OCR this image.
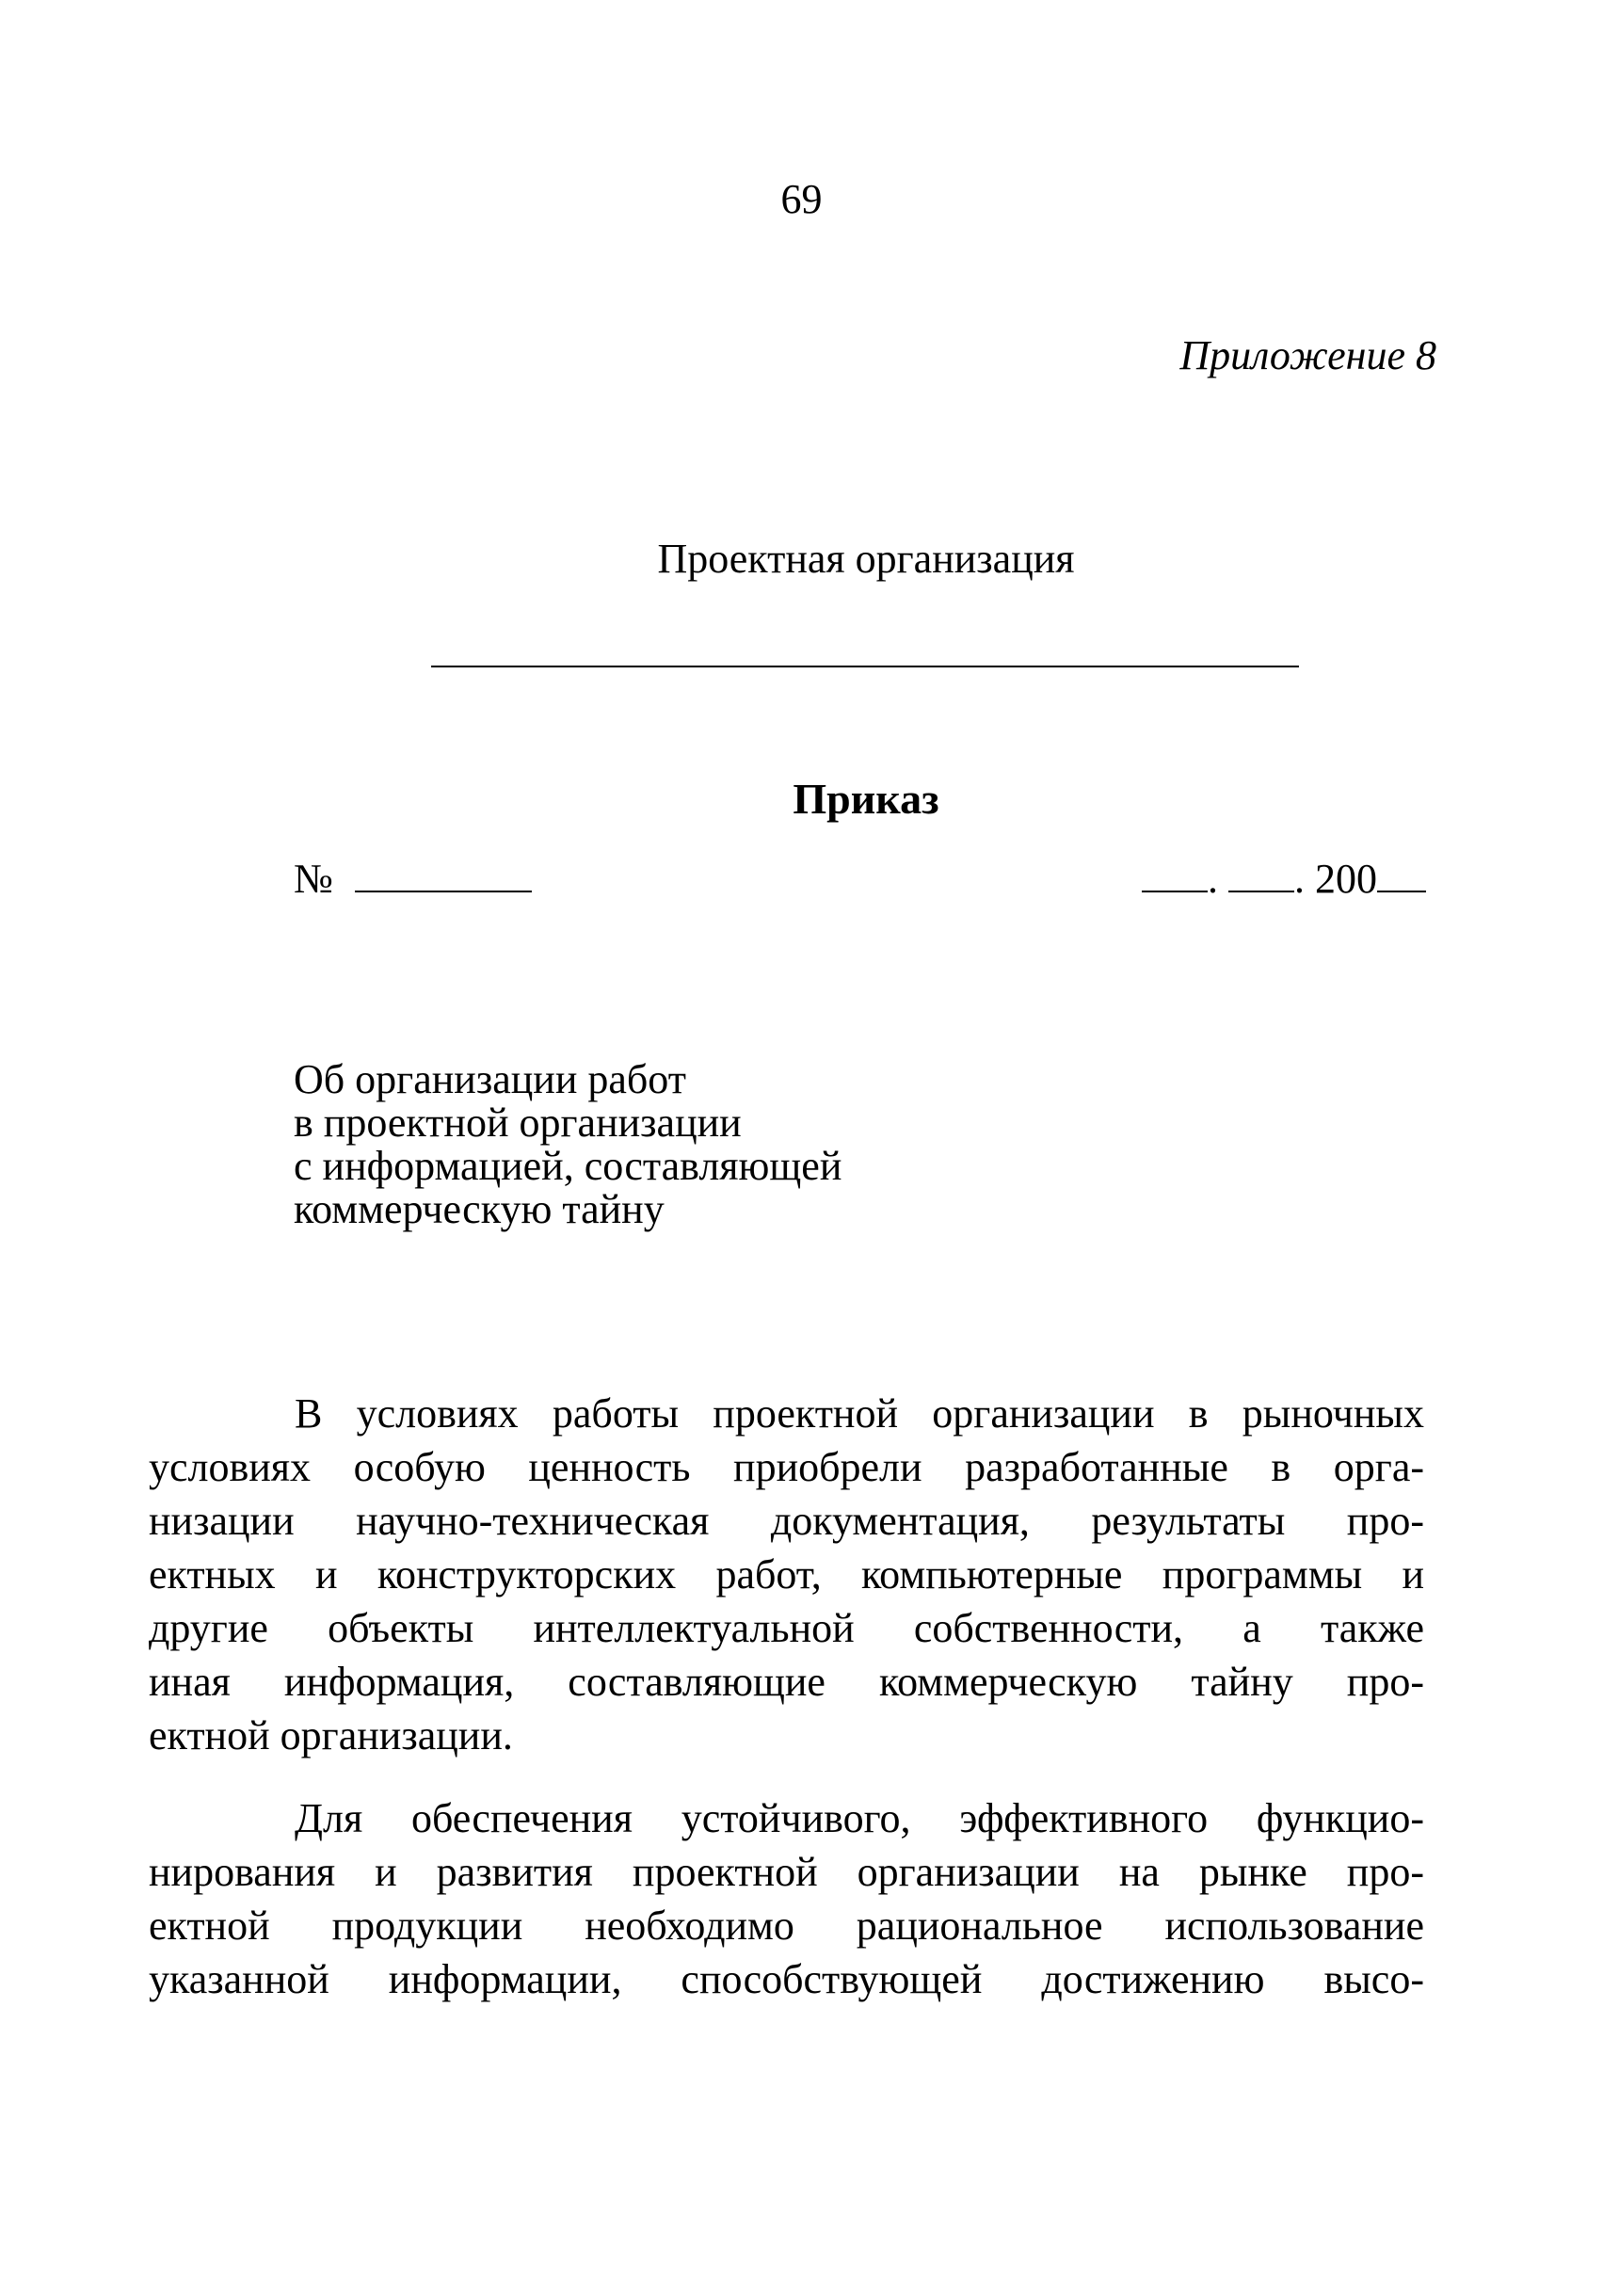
69
Приложение 8
Проектная организация
Приказ
№	. . 200
Об организации работ
в проектной организации
с информацией, составляющей
коммерческую тайну
В условиях работы проектной организации в рыночных
условиях особую ценность приобрели разработанные в орга-
низации научно-техническая документация, результаты про-
ектных и конструкторских работ, компьютерные программы и
другие объекты интеллектуальной собственности, а также
иная информация, составляющие коммерческую тайну про-
ектной организации.
Для обеспечения устойчивого, эффективного функцио-
нирования и развития проектной организации на рынке про-
ектной продукции необходимо рациональное использование
указанной информации, способствующей достижению высо-
